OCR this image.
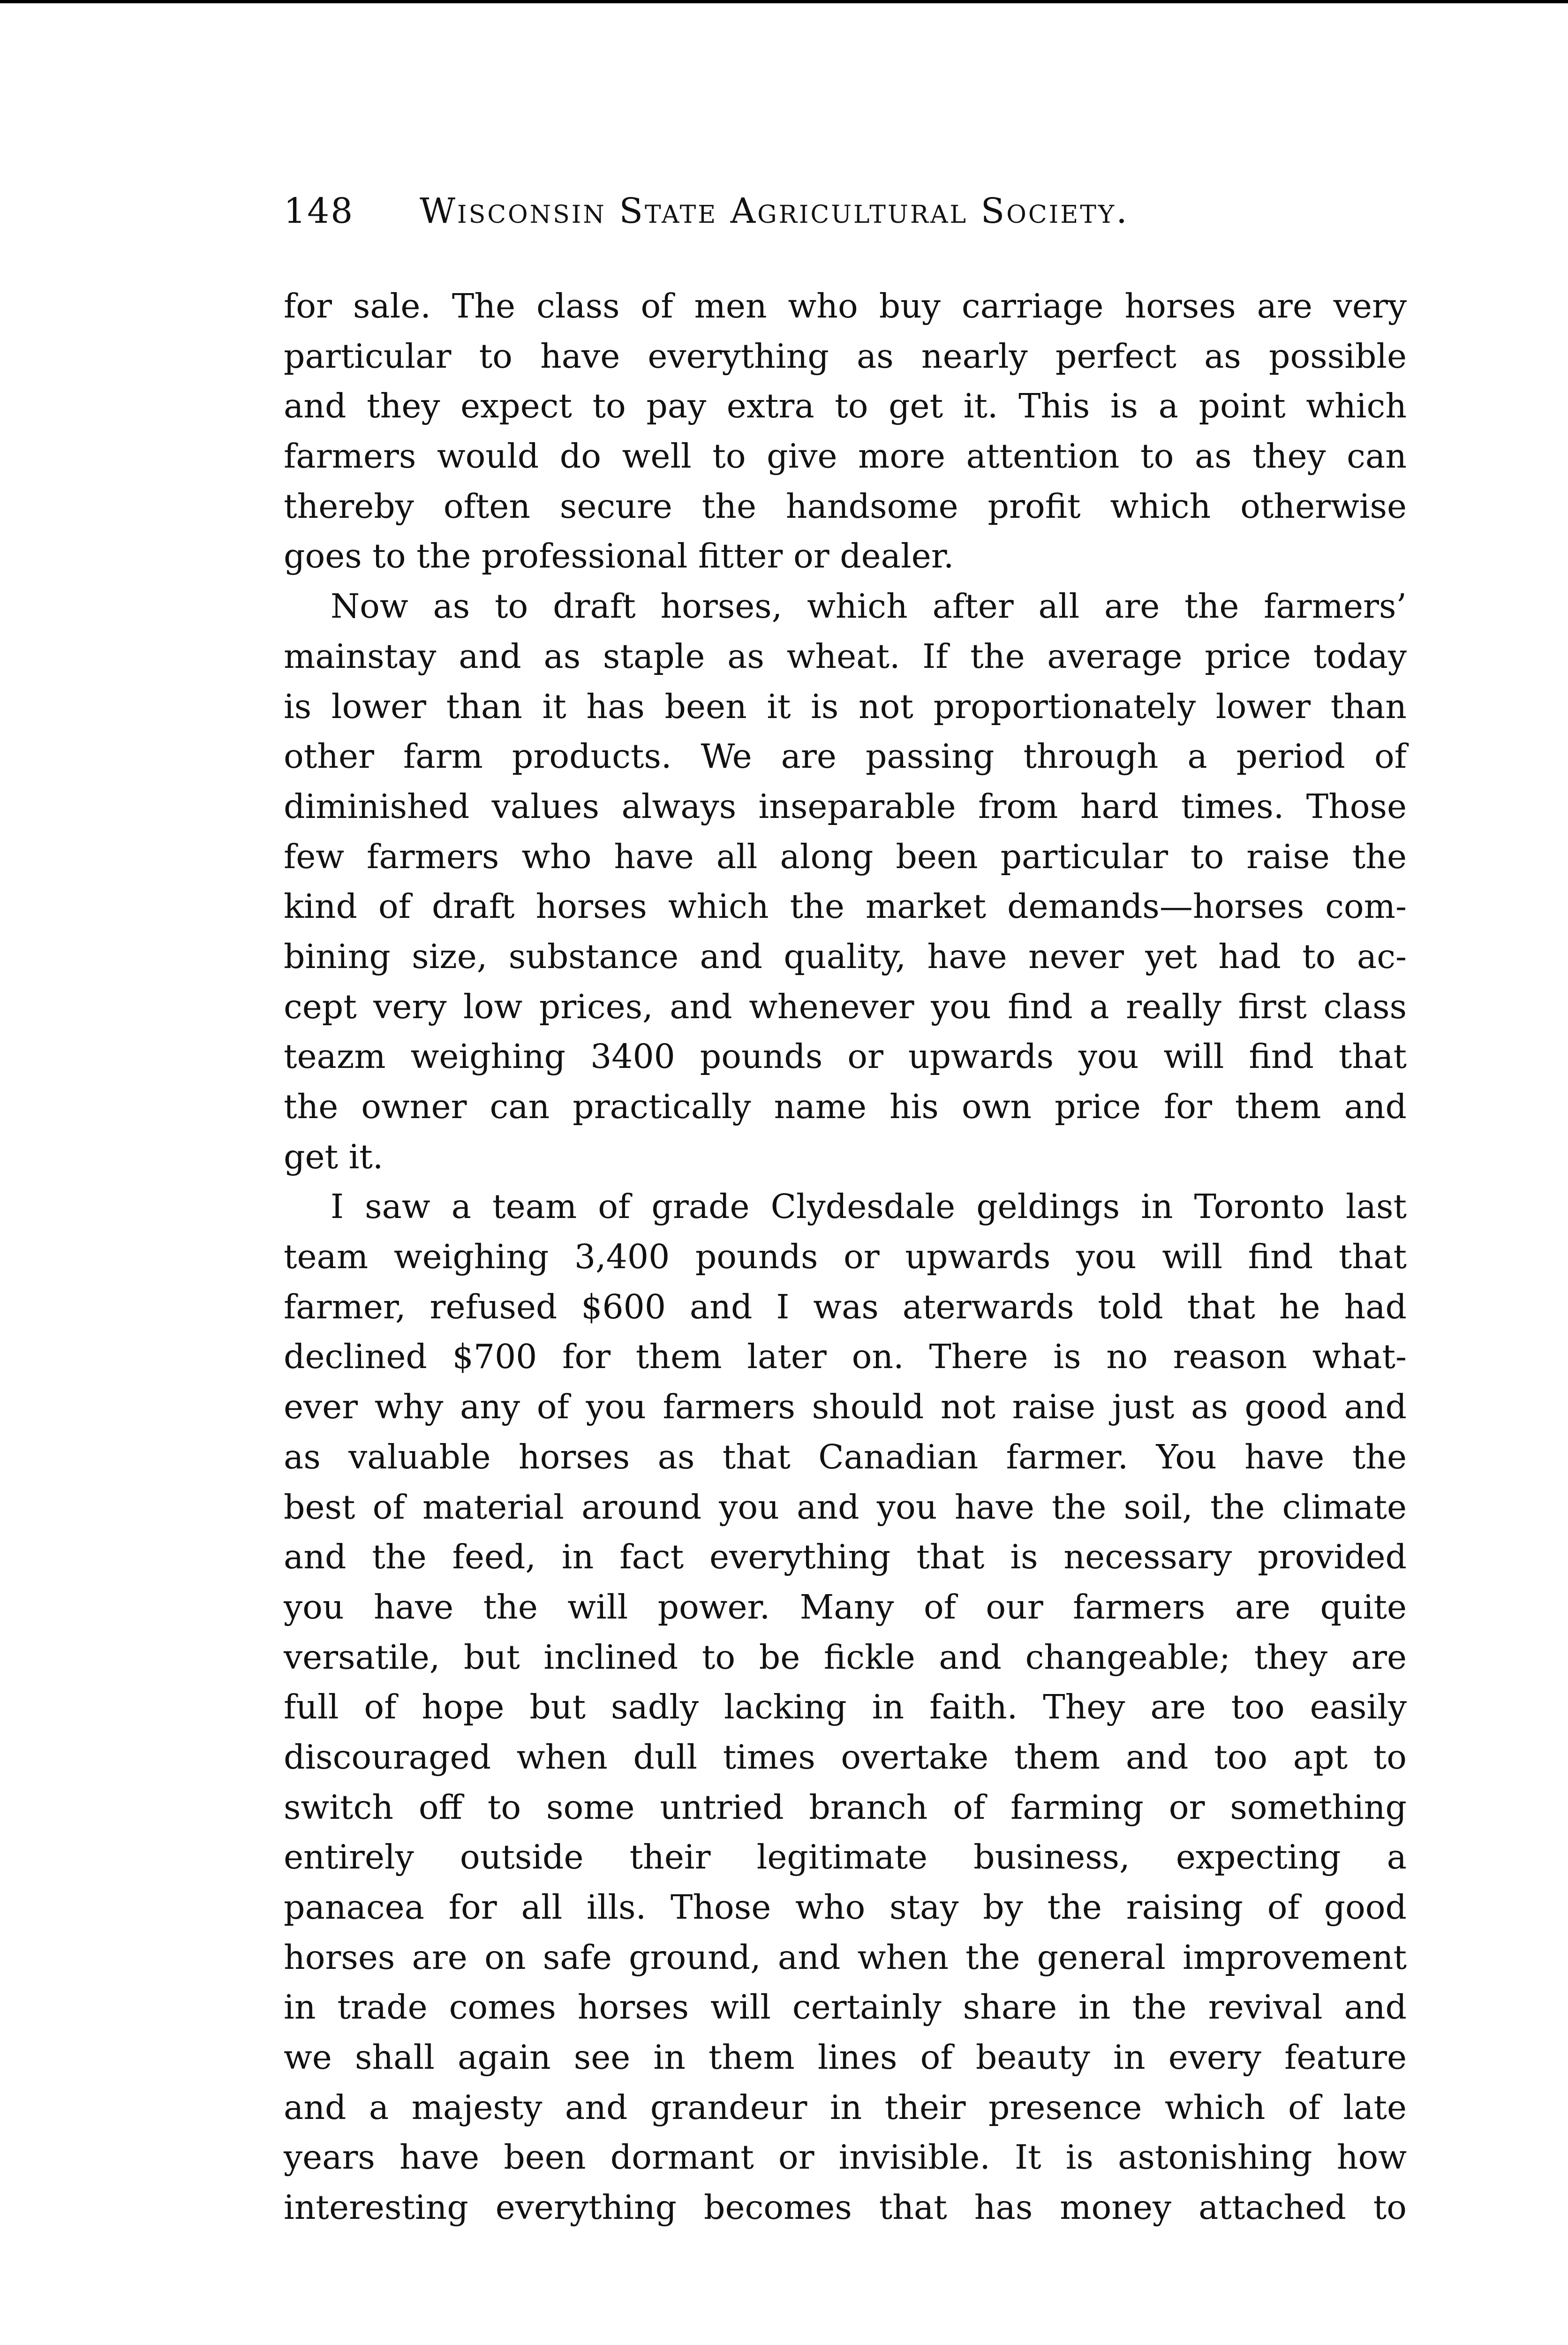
148 Wisconsin State Agricultural Society.
for sale. The class of men who buy carriage horses are very
particular to have everything as nearly perfect as possible
and they expect to pay extra to get it. This is a point which
farmers would do well to give more attention to as they can
thereby often secure the handsome profit which otherwise
goes to the professional fitter or dealer.
Now as to draft horses, which after all are the farmers’
mainstay and as staple as wheat. If the average price today
is lower than it has been it is not proportionately lower than
other farm products. We are passing through a period of
diminished values always inseparable from hard times. Those
few farmers who have all along been particular to raise the
kind of draft horses which the market demands—horses com-
bining size, substance and quality, have never yet had to ac-
cept very low prices, and whenever you find a really first class
teazm weighing 3400 pounds or upwards you will find that
the owner can practically name his own price for them and
get it.
I saw a team of grade Clydesdale geldings in Toronto last
team weighing 3,400 pounds or upwards you will find that
farmer, refused $600 and I was aterwards told that he had
declined $700 for them later on. There is no reason what-
ever why any of you farmers should not raise just as good and
as valuable horses as that Canadian farmer. You have the
best of material around you and you have the soil, the climate
and the feed, in fact everything that is necessary provided
you have the will power. Many of our farmers are quite
versatile, but inclined to be fickle and changeable; they are
full of hope but sadly lacking in faith. They are too easily
discouraged when dull times overtake them and too apt to
switch off to some untried branch of farming or something
entirely outside their legitimate business, expecting a
panacea for all ills. Those who stay by the raising of good
horses are on safe ground, and when the general improvement
in trade comes horses will certainly share in the revival and
we shall again see in them lines of beauty in every feature
and a majesty and grandeur in their presence which of late
years have been dormant or invisible. It is astonishing how
interesting everything becomes that has money attached to
